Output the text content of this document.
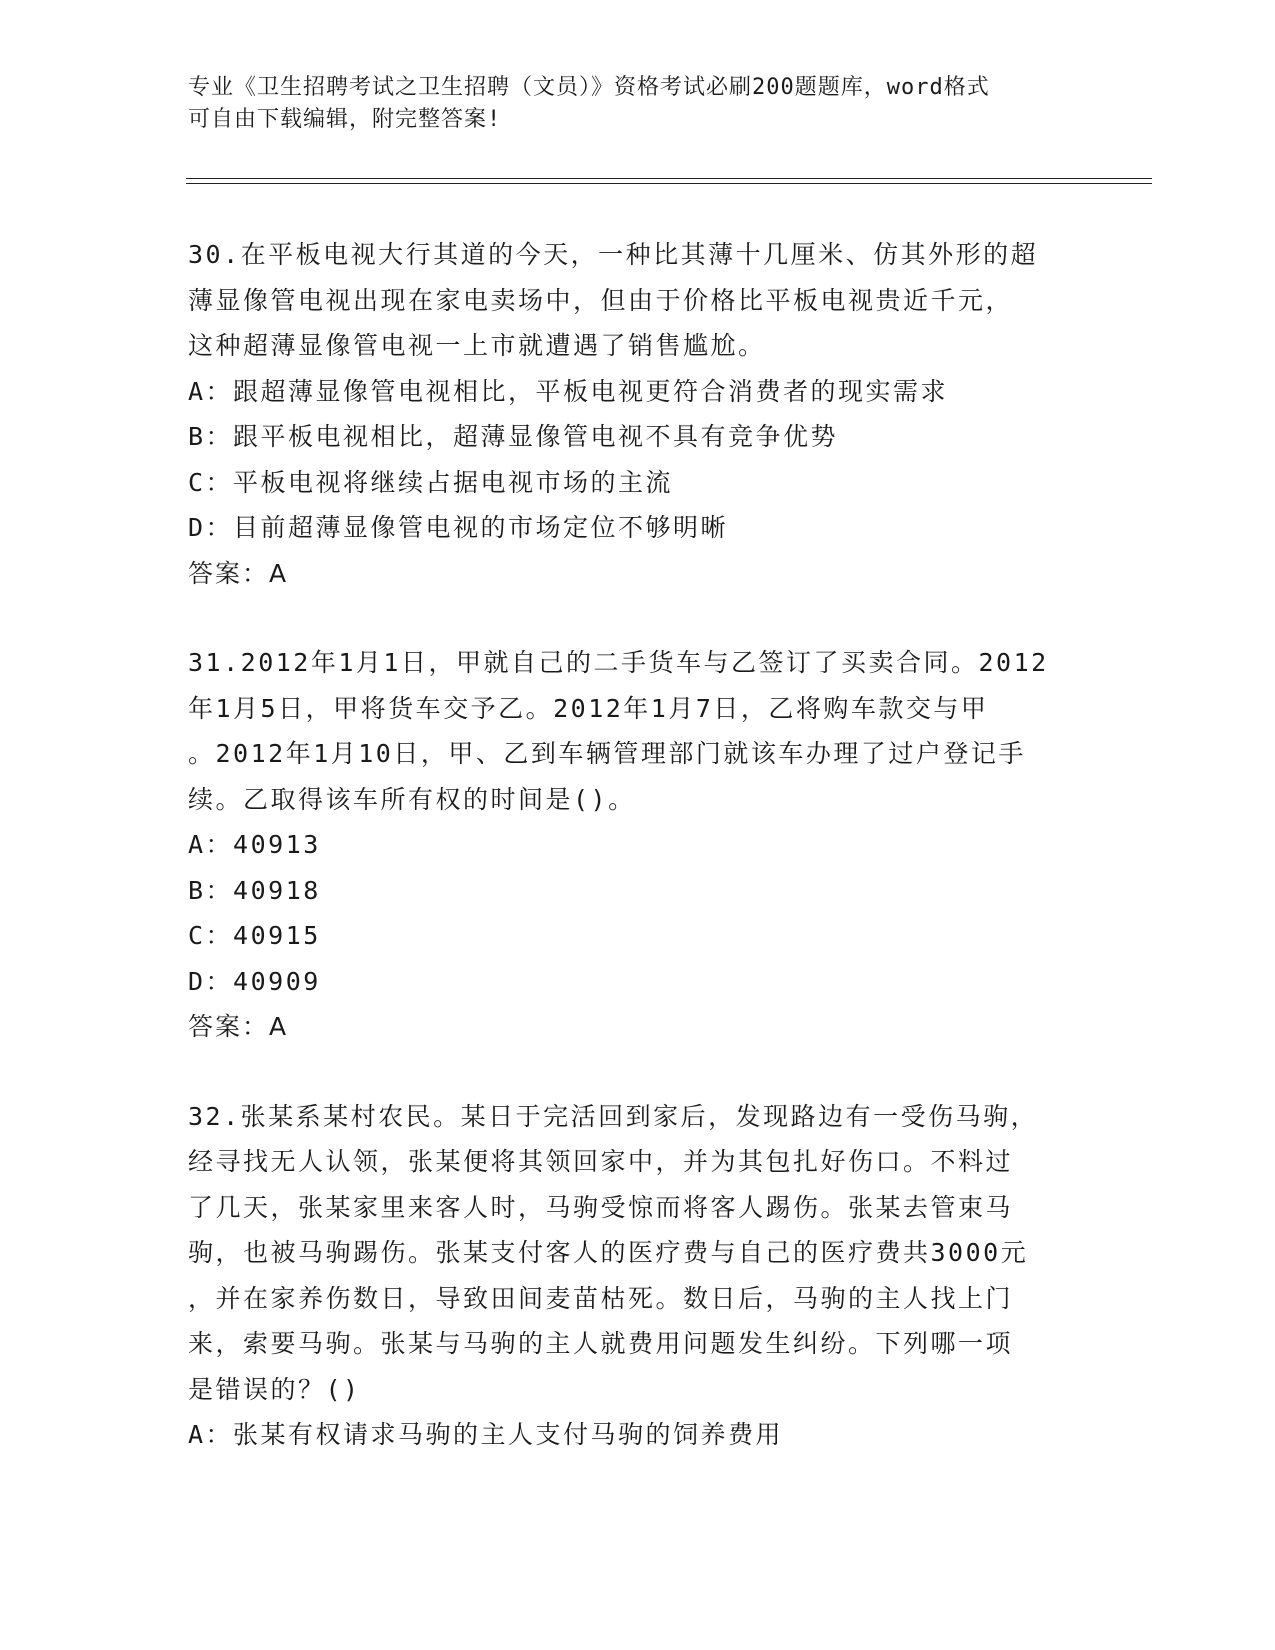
专业《卫生招聘考试之卫生招聘（文员）》资格考试必刷200题题库，word格式
可自由下载编辑，附完整答案!
30.在平板电视大行其道的今天，一种比其薄十几厘米、仿其外形的超
薄显像管电视出现在家电卖场中，但由于价格比平板电视贵近千元，
这种超薄显像管电视一上市就遭遇了销售尴尬。
A：跟超薄显像管电视相比，平板电视更符合消费者的现实需求
B：跟平板电视相比，超薄显像管电视不具有竞争优势
C：平板电视将继续占据电视市场的主流
D：目前超薄显像管电视的市场定位不够明晰
答案：A
31.2012年1月1日，甲就自己的二手货车与乙签订了买卖合同。2012
年1月5日，甲将货车交予乙。2012年1月7日，乙将购车款交与甲
。2012年1月10日，甲、乙到车辆管理部门就该车办理了过户登记手
续。乙取得该车所有权的时间是()。
A：40913
B：40918
C：40915
D：40909
答案：A
32.张某系某村农民。某日于完活回到家后，发现路边有一受伤马驹，
经寻找无人认领，张某便将其领回家中，并为其包扎好伤口。不料过
了几天，张某家里来客人时，马驹受惊而将客人踢伤。张某去管束马
驹，也被马驹踢伤。张某支付客人的医疗费与自己的医疗费共3000元
，并在家养伤数日，导致田间麦苗枯死。数日后，马驹的主人找上门
来，索要马驹。张某与马驹的主人就费用问题发生纠纷。下列哪一项
是错误的？()
A：张某有权请求马驹的主人支付马驹的饲养费用
